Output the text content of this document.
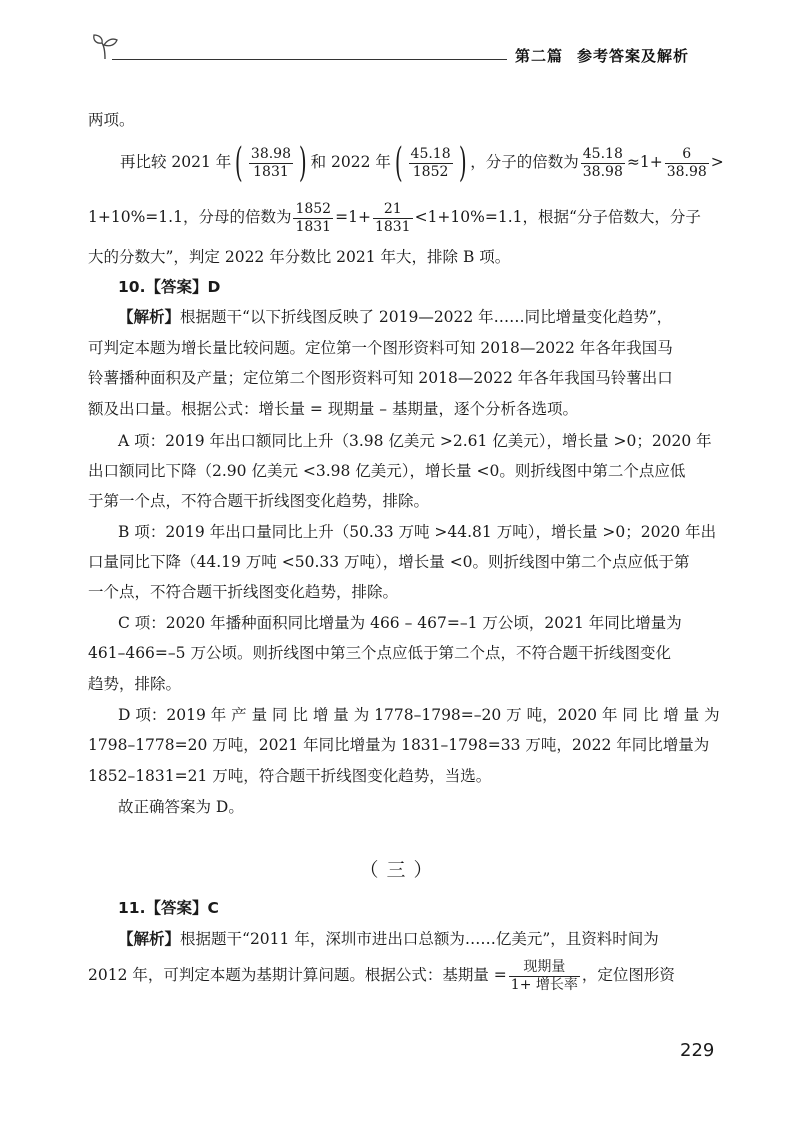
第二篇 参考答案及解析
两项。
再比较 2021 年( $\frac{38.98}{1831}$ ) 和 2022 年( $\frac{45.18}{1852}$ ) ，分子的倍数为 $\frac{45.18}{38.98} \approx 1+ \frac{6}{38.98}$ >
1+10%=1.1，分母的倍数为 $\frac{1852}{1831} =1+ \frac{21}{1831} <1+10\%=1.1$，根据“分子倍数大，分子
大的分数大”，判定 2022 年分数比 2021 年大，排除 B 项。
10.【答案】D
【解析】根据题干“以下折线图反映了 2019—2022 年……同比增量变化趋势”，
可判定本题为增长量比较问题。定位第一个图形资料可知 2018—2022 年各年我国马
铃薯播种面积及产量；定位第二个图形资料可知 2018—2022 年各年我国马铃薯出口
额及出口量。根据公式：增长量 = 现期量 – 基期量，逐个分析各选项。
A 项：2019 年出口额同比上升（3.98 亿美元 >2.61 亿美元），增长量 >0；2020 年
出口额同比下降（2.90 亿美元 <3.98 亿美元），增长量 <0。则折线图中第二个点应低
于第一个点，不符合题干折线图变化趋势，排除。
B 项：2019 年出口量同比上升（50.33 万吨 >44.81 万吨），增长量 >0；2020 年出
口量同比下降（44.19 万吨 <50.33 万吨），增长量 <0。则折线图中第二个点应低于第
一个点，不符合题干折线图变化趋势，排除。
C 项：2020 年播种面积同比增量为 466 – 467=–1 万公顷，2021 年同比增量为
461–466=–5 万公顷。则折线图中第三个点应低于第二个点，不符合题干折线图变化
趋势，排除。
D 项：2019 年 产 量 同 比 增 量 为 1778–1798=–20 万 吨，2020 年 同 比 增 量 为
1798–1778=20 万吨，2021 年同比增量为 1831–1798=33 万吨，2022 年同比增量为
1852–1831=21 万吨，符合题干折线图变化趋势，当选。
故正确答案为 D。
（三）
11.【答案】C
【解析】根据题干“2011 年，深圳市进出口总额为……亿美元”，且资料时间为
2012 年，可判定本题为基期计算问题。根据公式：基期量 = $\frac{\text{现期量}}{\text{1+ 增长率}}$ ，定位图形资
229
